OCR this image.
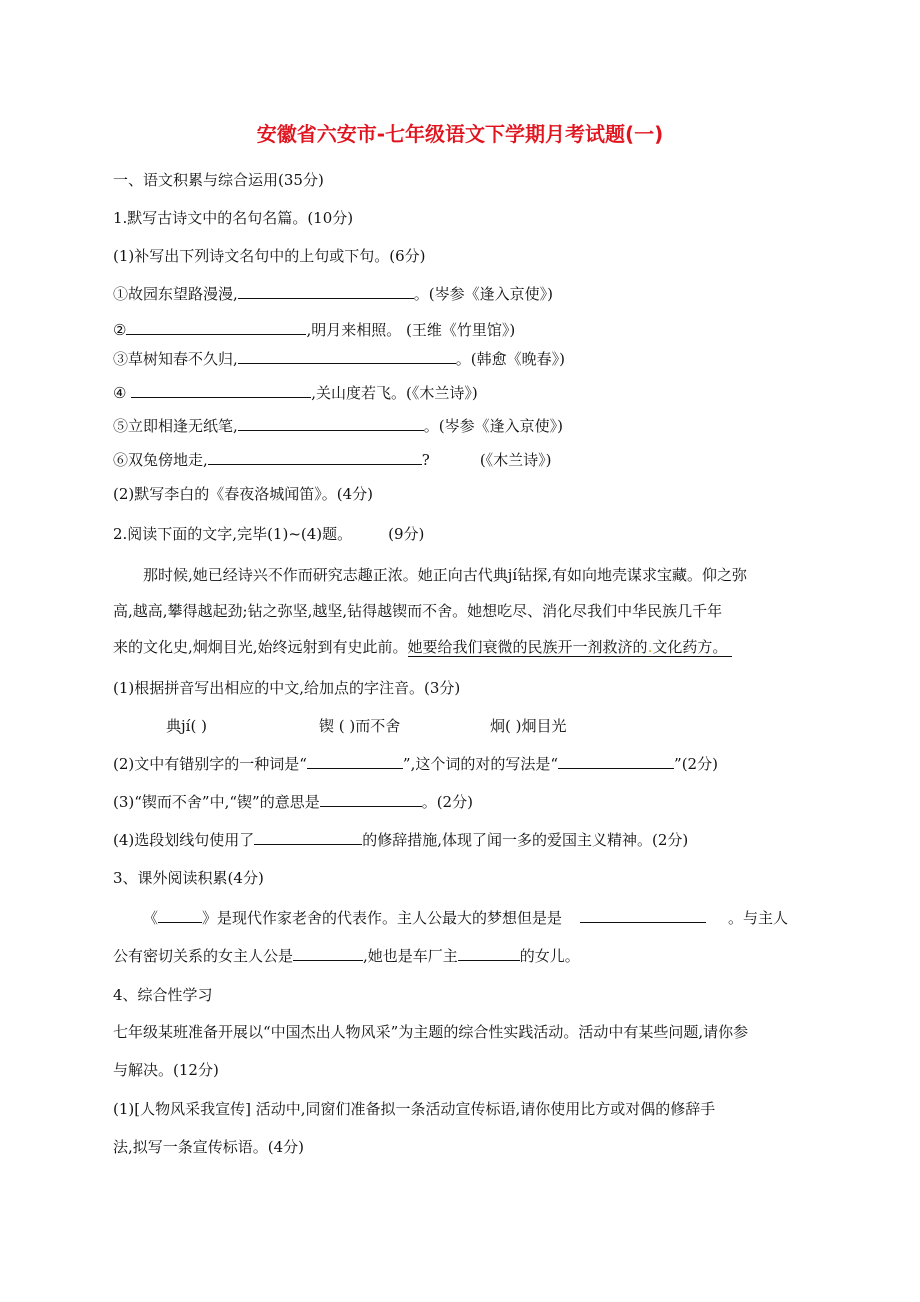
安徽省六安市-七年级语文下学期月考试题(一)
一、语文积累与综合运用(35分)
1.默写古诗文中的名句名篇。(10分)
(1)补写出下列诗文名句中的上句或下句。(6分)
①故园东望路漫漫,	。(岑参《逢入京使》)
②	,明月来相照。 (王维《竹里馆》)
③草树知春不久归,	。(韩愈《晚春》)
④	,关山度若飞。(《木兰诗》)
⑤立即相逢无纸笔,	。(岑参《逢入京使》)
⑥双兔傍地走,	?	(《木兰诗》)
(2)默写李白的《春夜洛城闻笛》。(4分)
2.阅读下面的文字,完毕(1)~(4)题。 (9分)
那时候,她已经诗兴不作而研究志趣正浓。她正向古代典jí钻探,有如向地壳谋求宝藏。仰之弥
高,越高,攀得越起劲;钻之弥坚,越坚,钻得越锲而不舍。她想吃尽、消化尽我们中华民族几千年
来的文化史,炯炯目光,始终远射到有史此前。她要给我们衰微的民族开一剂救济的.文化药方。
(1)根据拼音写出相应的中文,给加点的字注音。(3分)
典jí( )	锲 ( )而不舍	炯( )炯目光
(2)文中有错别字的一种词是“	”,这个词的对的写法是“	”(2分)
(3)“锲而不舍”中,“锲”的意思是	。(2分)
(4)选段划线句使用了	的修辞措施,体现了闻一多的爱国主义精神。(2分)
3、课外阅读积累(4分)
《	》是现代作家老舍的代表作。主人公最大的梦想但是是	。与主人
公有密切关系的女主人公是	,她也是车厂主	的女儿。
4、综合性学习
七年级某班准备开展以“中国杰出人物风采”为主题的综合性实践活动。活动中有某些问题,请你参
与解决。(12分)
(1)[人物风采我宣传] 活动中,同窗们准备拟一条活动宣传标语,请你使用比方或对偶的修辞手
法,拟写一条宣传标语。(4分)
